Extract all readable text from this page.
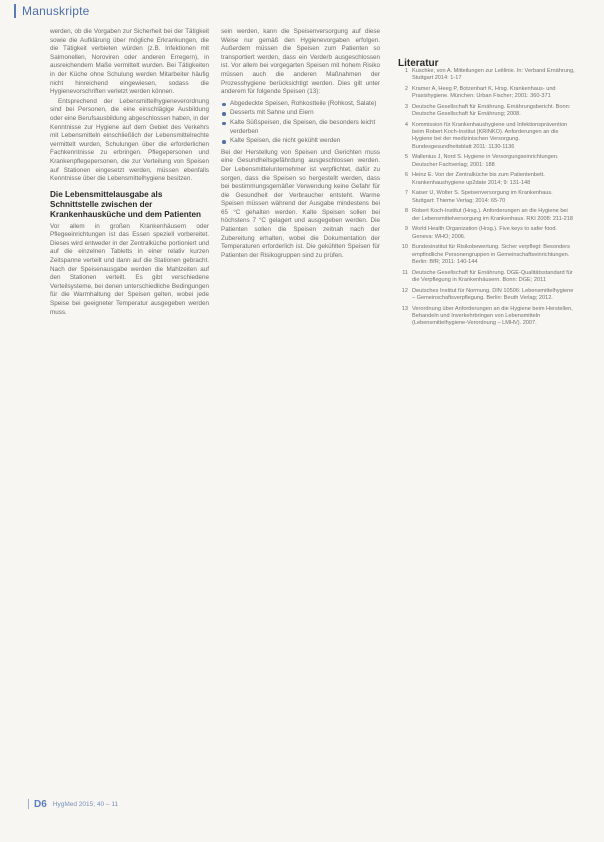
Manuskripte

werden, ob die Vorgaben zur Sicherheit bei der Tätigkeit sowie die Aufklärung über mögliche Erkrankungen, die die Tätigkeit verbieten würden (z.B. Infektionen mit Salmonellen, Noroviren oder anderen Erregern), in ausreichendem Maße vermittelt wurden. Bei Tätigkeiten in der Küche ohne Schulung werden Mitarbeiter häufig nicht hinreichend eingewiesen, sodass die Hygienevorschriften verletzt werden können.

Entsprechend der Lebensmittelhygieneverordnung sind bei Personen, die eine einschlägige Ausbildung oder eine Berufsausbildung abgeschlossen haben, in der Kenntnisse zur Hygiene auf dem Gebiet des Verkehrs mit Lebensmitteln einschließlich der Lebensmittelrechte vermittelt wurden, Schulungen über die erforderlichen Fachkenntnisse zu erbringen. Pflegepersonen und Krankenpflegepersonen, die zur Verteilung von Speisen auf Stationen eingesetzt werden, müssen ebenfalls Kenntnisse über die Lebensmittelhygiene besitzen.

Die Lebensmittelausgabe als Schnittstelle zwischen der Krankenhausküche und dem Patienten

Vor allem in großen Krankenhäusern oder Pflegeeinrichtungen ist das Essen speziell vorbereitet. Dieses wird entweder in der Zentralküche portioniert und auf die einzelnen Tabletts in einer relativ kurzen Zeitspanne verteilt und dann auf die Stationen gebracht. Nach der Speisenausgabe werden die Mahlzeiten auf den Stationen verteilt. Es gibt verschiedene Verteilsysteme, bei denen unterschiedliche Bedingungen für die Warmhaltung der Speisen gelten, wobei jede Speise bei geeigneter Temperatur ausgegeben werden muss.

sein werden, kann die Speisenversorgung auf diese Weise nur gemäß den Hygienevorgaben erfolgen. Außerdem müssen die Speisen zum Patienten so transportiert werden, dass ein Verderb ausgeschlossen ist. Vor allem bei vorgegarten Speisen mit hohem Risiko müssen auch die anderen Maßnahmen der Prozesshygiene berücksichtigt werden. Dies gilt unter anderem für folgende Speisen (13):

Abgedeckte Speisen, Rohkostteile (Rohkost, Salate)
Desserts mit Sahne und Eiern
Kalte Süßspeisen, die Speisen, die besonders leicht verderben
Kalte Speisen, die nicht gekühlt werden

Bei der Herstellung von Speisen und Gerichten muss eine Gesundheitsgefährdung ausgeschlossen werden. Der Lebensmittelunternehmer ist verpflichtet, dafür zu sorgen, dass die Speisen so hergestellt werden, dass bei bestimmungsgemäßer Verwendung keine Gefahr für die Gesundheit der Verbraucher entsteht. Warme Speisen müssen während der Ausgabe mindestens bei 65 °C gehalten werden. Kalte Speisen sollen bei höchstens 7 °C gelagert und ausgegeben werden. Die Patienten sollen die Speisen zeitnah nach der Zubereitung erhalten, wobei die Dokumentation der Temperaturen erforderlich ist. Die gekühlten Speisen für Patienten der Risikogruppen sind zu prüfen.

Literatur
1 Kuschke, von A. Mitteilungen zur Leitlinie. In: Verband Ernährung, Stuttgart 2014: 1-17
2 Kramer A, Heeg P, Botzenhart K, Hrsg. Krankenhaus- und Praxishygiene. München: Urban Fischer; 2001: 360-371
3 Deutsche Gesellschaft für Ernährung. Ernährungsbericht. Bonn: Deutsche Gesellschaft für Ernährung; 2008.
4 Kommission für Krankenhaushygiene und Infektionsprävention beim Robert Koch-Institut (KRINKO). Anforderungen an die Hygiene bei der medizinischen Versorgung. Bundesgesundheitsblatt 2011: 1130-1136
5 Wallenius J, Nord S. Hygiene in Versorgungseinrichtungen. Deutscher Fachverlag; 2001: 188
6 Heinz E. Von der Zentralküche bis zum Patientenbett. Krankenhaushygiene up2date 2014; 9: 131-148
7 Kaiser U, Wolter S. Speisenversorgung im Krankenhaus. Stuttgart: Thieme Verlag; 2014: 65-70
8 Robert Koch-Institut (Hrsg.). Anforderungen an die Hygiene bei der Lebensmittelversorgung im Krankenhaus. RKI 2008: 211-218
9 World Health Organization (Hrsg.). Five keys to safer food. Geneva: WHO; 2006.
10 Bundesinstitut für Risikobewertung. Sicher verpflegt: Besonders empfindliche Personengruppen in Gemeinschaftseinrichtungen. Berlin: BfR; 2011: 140-144
11 Deutsche Gesellschaft für Ernährung. DGE-Qualitätsstandard für die Verpflegung in Krankenhäusern. Bonn: DGE; 2011
12 Deutsches Institut für Normung. DIN 10506: Lebensmittelhygiene – Gemeinschaftsverpflegung. Berlin: Beuth Verlag; 2012.
13 Verordnung über Anforderungen an die Hygiene beim Herstellen, Behandeln und Inverkehrbringen von Lebensmitteln (Lebensmittelhygiene-Verordnung – LMHV). 2007.
D6 HygMed 2015; 40 – 11
